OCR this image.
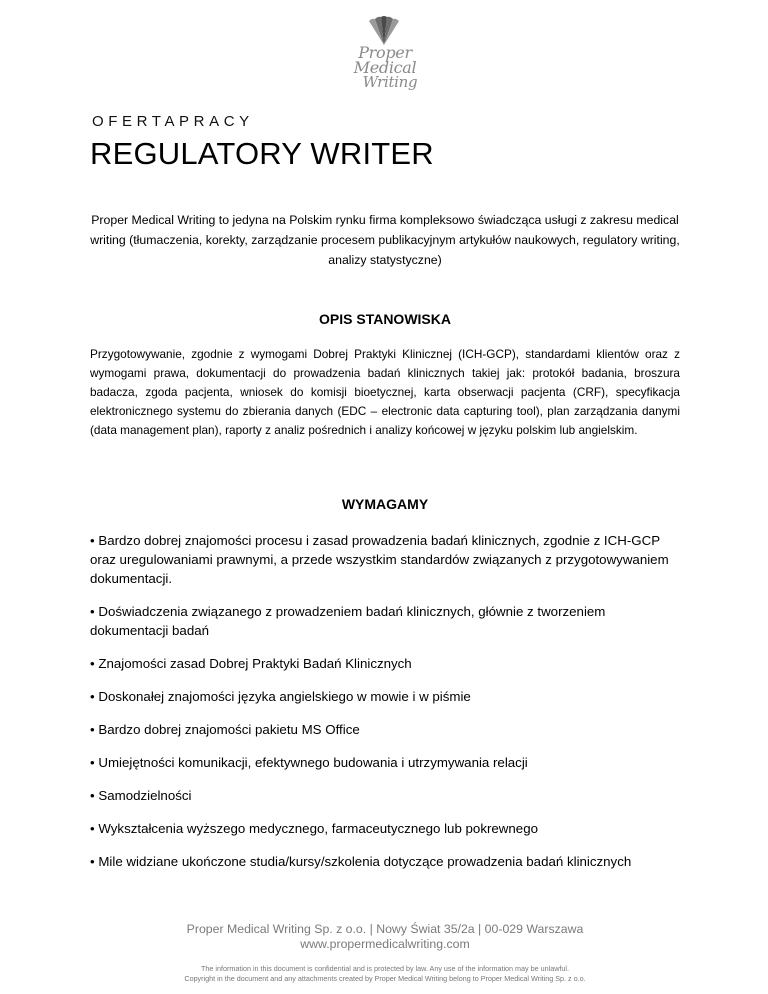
Proper Medical
Writing
OFERTAPRACY
REGULATORY WRITER
Proper Medical Writing to jedyna na Polskim rynku firma kompleksowo świadcząca usługi z zakresu medical writing (tłumaczenia, korekty, zarządzanie procesem publikacyjnym artykułów naukowych, regulatory writing, analizy statystyczne)
OPIS STANOWISKA
Przygotowywanie, zgodnie z wymogami Dobrej Praktyki Klinicznej (ICH-GCP), standardami klientów oraz z wymogami prawa, dokumentacji do prowadzenia badań klinicznych takiej jak: protokół badania, broszura badacza, zgoda pacjenta, wniosek do komisji bioetycznej, karta obserwacji pacjenta (CRF), specyfikacja elektronicznego systemu do zbierania danych (EDC – electronic data capturing tool), plan zarządzania danymi (data management plan), raporty z analiz pośrednich i analizy końcowej w języku polskim lub angielskim.
WYMAGAMY
• Bardzo dobrej znajomości procesu i zasad prowadzenia badań klinicznych, zgodnie z ICH-GCP oraz uregulowaniami prawnymi, a przede wszystkim standardów związanych z przygotowywaniem dokumentacji.
• Doświadczenia związanego z prowadzeniem badań klinicznych, głównie z tworzeniem dokumentacji badań
• Znajomości zasad Dobrej Praktyki Badań Klinicznych
• Doskonałej znajomości języka angielskiego w mowie i w piśmie
• Bardzo dobrej znajomości pakietu MS Office
• Umiejętności komunikacji, efektywnego budowania i utrzymywania relacji
• Samodzielności
• Wykształcenia wyższego medycznego, farmaceutycznego lub pokrewnego
• Mile widziane ukończone studia/kursy/szkolenia dotyczące prowadzenia badań klinicznych
Proper Medical Writing Sp. z o.o. | Nowy Świat 35/2a | 00-029 Warszawa
www.propermedicalwriting.com
The information in this document is confidential and is protected by law. Any use of the information may be unlawful.
Copyright in the document and any attachments created by Proper Medical Writing belong to Proper Medical Writing Sp. z o.o.
